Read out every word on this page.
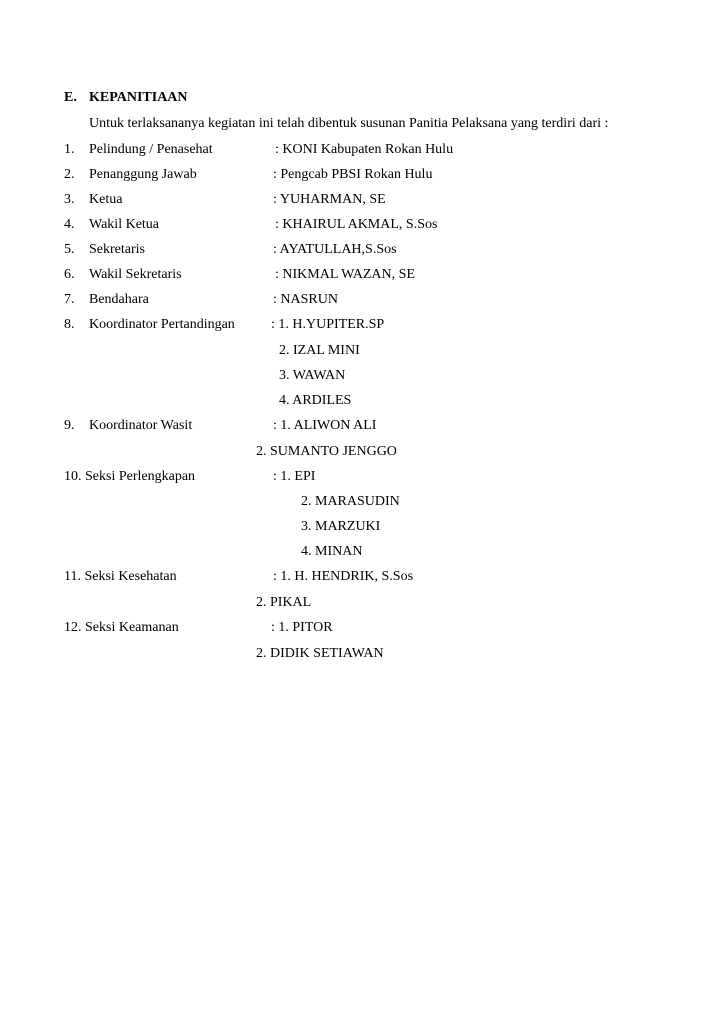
E. KEPANITIAAN
Untuk terlaksananya kegiatan ini telah dibentuk susunan Panitia Pelaksana yang terdiri dari :
1. Pelindung / Penasehat	: KONI Kabupaten Rokan Hulu
2. Penanggung Jawab	: Pengcab PBSI Rokan Hulu
3. Ketua	: YUHARMAN, SE
4. Wakil Ketua	: KHAIRUL AKMAL, S.Sos
5. Sekretaris	: AYATULLAH,S.Sos
6. Wakil Sekretaris	: NIKMAL WAZAN, SE
7. Bendahara	: NASRUN
8. Koordinator Pertandingan	: 1. H.YUPITER.SP
2. IZAL MINI
3. WAWAN
4. ARDILES
9. Koordinator Wasit	: 1. ALIWON ALI
2. SUMANTO JENGGO
10. Seksi Perlengkapan	: 1. EPI
2. MARASUDIN
3. MARZUKI
4. MINAN
11. Seksi Kesehatan	: 1. H. HENDRIK, S.Sos
2. PIKAL
12. Seksi Keamanan	: 1. PITOR
2. DIDIK SETIAWAN
